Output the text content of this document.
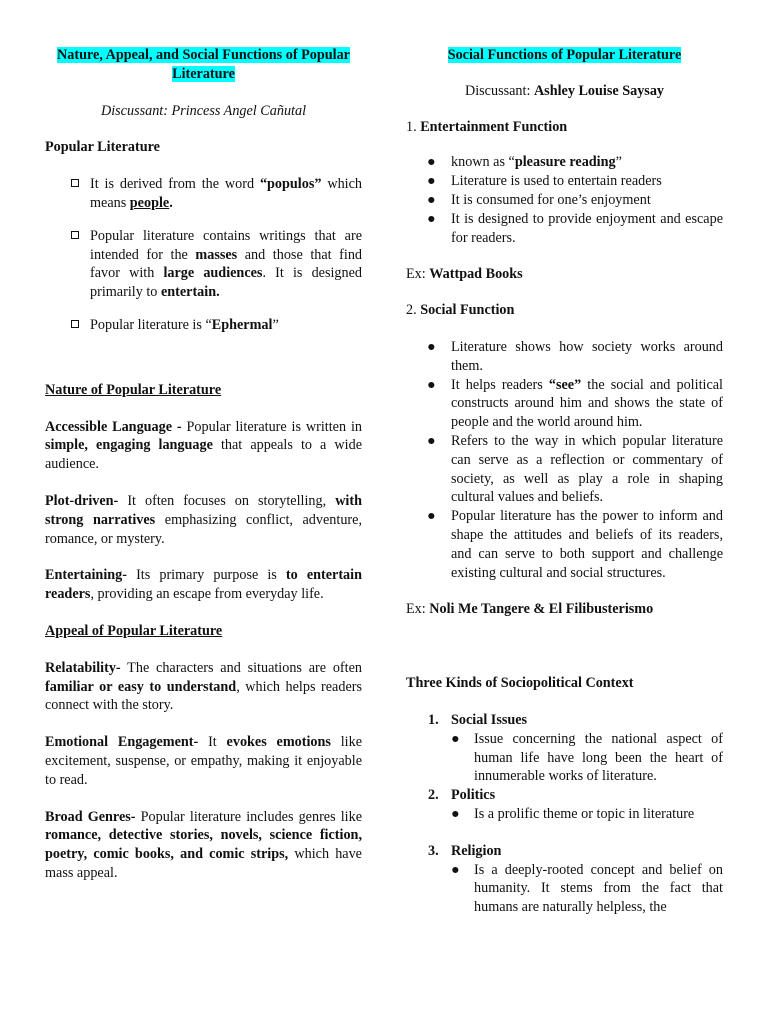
Nature, Appeal, and Social Functions of Popular
Literature

Discussant: Princess Angel Cañutal

Popular Literature

It is derived from the word “populos” which means people.
Popular literature contains writings that are intended for the masses and those that find favor with large audiences. It is designed primarily to entertain.
Popular literature is “Ephermal”

Nature of Popular Literature

Accessible Language - Popular literature is written in simple, engaging language that appeals to a wide audience.

Plot-driven- It often focuses on storytelling, with strong narratives emphasizing conflict, adventure, romance, or mystery.

Entertaining- Its primary purpose is to entertain readers, providing an escape from everyday life.

Appeal of Popular Literature

Relatability- The characters and situations are often familiar or easy to understand, which helps readers connect with the story.

Emotional Engagement- It evokes emotions like excitement, suspense, or empathy, making it enjoyable to read.

Broad Genres- Popular literature includes genres like romance, detective stories, novels, science fiction, poetry, comic books, and comic strips, which have mass appeal.

Social Functions of Popular Literature

Discussant: Ashley Louise Saysay

1. Entertainment Function

● known as “pleasure reading”
● Literature is used to entertain readers
● It is consumed for one’s enjoyment
● It is designed to provide enjoyment and escape for readers.

Ex: Wattpad Books

2. Social Function

● Literature shows how society works around them.
● It helps readers “see” the social and political constructs around him and shows the state of people and the world around him.
● Refers to the way in which popular literature can serve as a reflection or commentary of society, as well as play a role in shaping cultural values and beliefs.
● Popular literature has the power to inform and shape the attitudes and beliefs of its readers, and can serve to both support and challenge existing cultural and social structures.

Ex: Noli Me Tangere & El Filibusterismo

Three Kinds of Sociopolitical Context

1. Social Issues
● Issue concerning the national aspect of human life have long been the heart of innumerable works of literature.
2. Politics
● Is a prolific theme or topic in literature
3. Religion
● Is a deeply-rooted concept and belief on humanity. It stems from the fact that humans are naturally helpless, the
